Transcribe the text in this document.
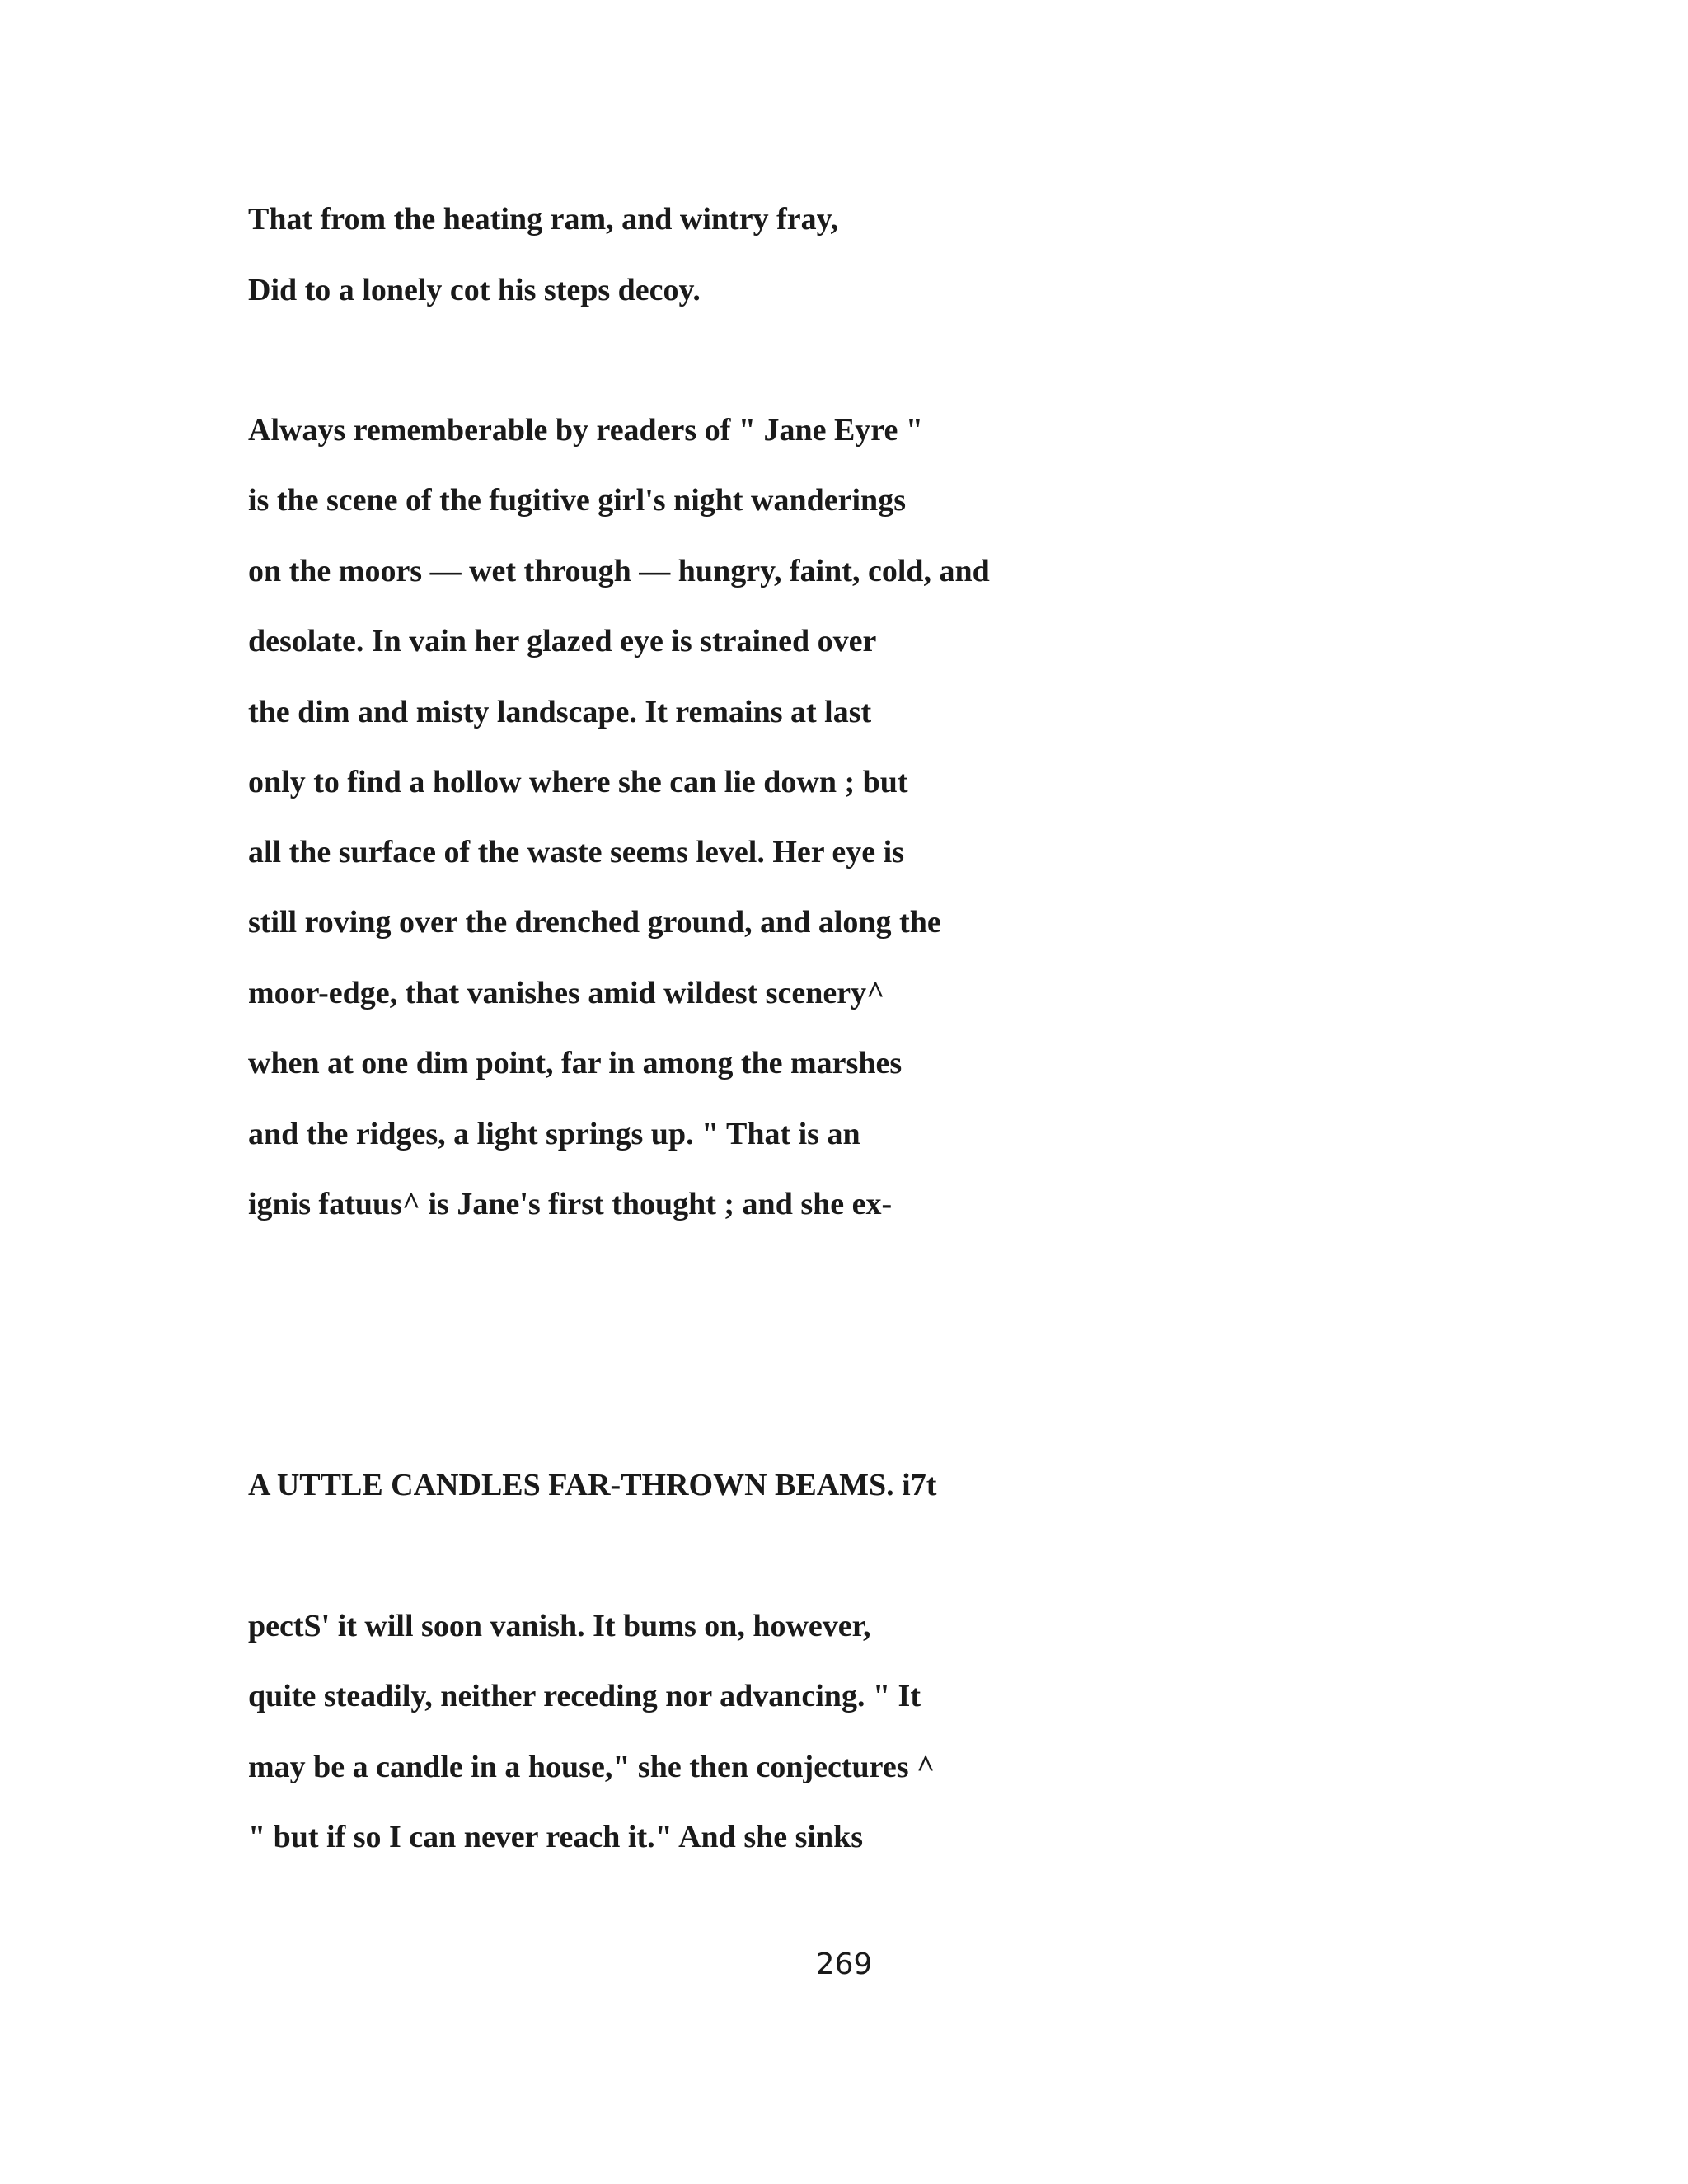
That from the heating ram, and wintry fray,

Did to a lonely cot his steps decoy.

Always rememberable by readers of " Jane Eyre "

is the scene of the fugitive girl's night wanderings

on the moors — wet through — hungry, faint, cold, and

desolate. In vain her glazed eye is strained over

the dim and misty landscape. It remains at last

only to find a hollow where she can lie down ; but

all the surface of the waste seems level. Her eye is

still roving over the drenched ground, and along the

moor-edge, that vanishes amid wildest scenery^

when at one dim point, far in among the marshes

and the ridges, a light springs up. " That is an

ignis fatuus^ is Jane's first thought ; and she ex-

A UTTLE CANDLES FAR-THROWN BEAMS. i7t

pectS' it will soon vanish. It bums on, however,

quite steadily, neither receding nor advancing. " It

may be a candle in a house," she then conjectures ^

" but if so I can never reach it." And she sinks

269
